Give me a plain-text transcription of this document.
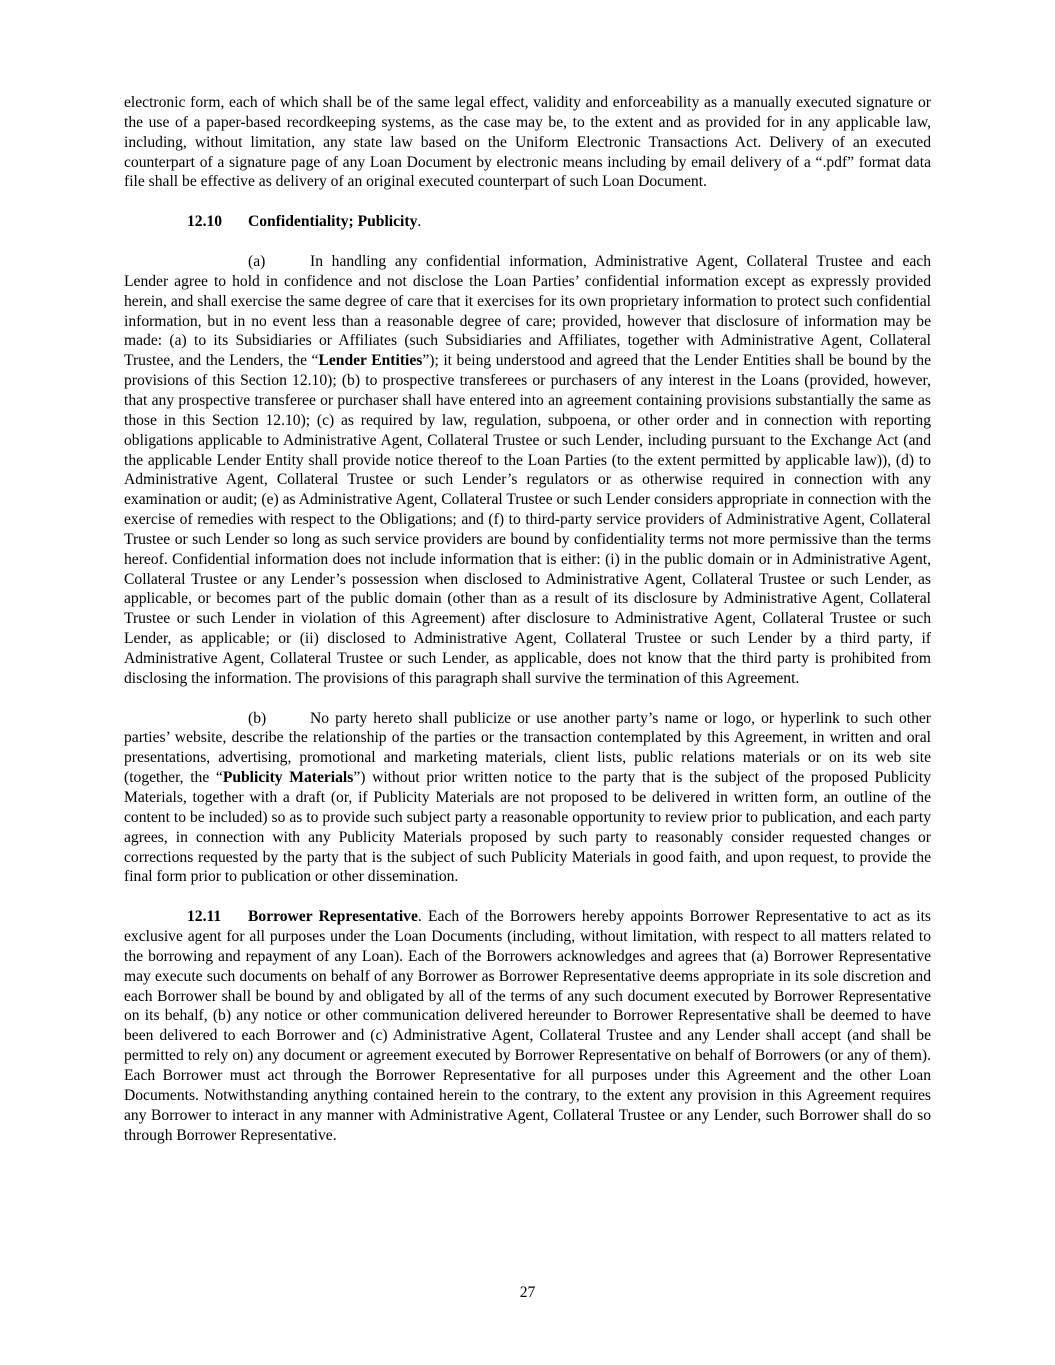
electronic form, each of which shall be of the same legal effect, validity and enforceability as a manually executed signature or the use of a paper-based recordkeeping systems, as the case may be, to the extent and as provided for in any applicable law, including, without limitation, any state law based on the Uniform Electronic Transactions Act. Delivery of an executed counterpart of a signature page of any Loan Document by electronic means including by email delivery of a “.pdf” format data file shall be effective as delivery of an original executed counterpart of such Loan Document.

12.10 Confidentiality; Publicity.

(a)	In handling any confidential information, Administrative Agent, Collateral Trustee and each Lender agree to hold in confidence and not disclose the Loan Parties’ confidential information except as expressly provided herein, and shall exercise the same degree of care that it exercises for its own proprietary information to protect such confidential information, but in no event less than a reasonable degree of care; provided, however that disclosure of information may be made: (a) to its Subsidiaries or Affiliates (such Subsidiaries and Affiliates, together with Administrative Agent, Collateral Trustee, and the Lenders, the “Lender Entities”); it being understood and agreed that the Lender Entities shall be bound by the provisions of this Section 12.10); (b) to prospective transferees or purchasers of any interest in the Loans (provided, however, that any prospective transferee or purchaser shall have entered into an agreement containing provisions substantially the same as those in this Section 12.10); (c) as required by law, regulation, subpoena, or other order and in connection with reporting obligations applicable to Administrative Agent, Collateral Trustee or such Lender, including pursuant to the Exchange Act (and the applicable Lender Entity shall provide notice thereof to the Loan Parties (to the extent permitted by applicable law)), (d) to Administrative Agent, Collateral Trustee or such Lender’s regulators or as otherwise required in connection with any examination or audit; (e) as Administrative Agent, Collateral Trustee or such Lender considers appropriate in connection with the exercise of remedies with respect to the Obligations; and (f) to third-party service providers of Administrative Agent, Collateral Trustee or such Lender so long as such service providers are bound by confidentiality terms not more permissive than the terms hereof. Confidential information does not include information that is either: (i) in the public domain or in Administrative Agent, Collateral Trustee or any Lender’s possession when disclosed to Administrative Agent, Collateral Trustee or such Lender, as applicable, or becomes part of the public domain (other than as a result of its disclosure by Administrative Agent, Collateral Trustee or such Lender in violation of this Agreement) after disclosure to Administrative Agent, Collateral Trustee or such Lender, as applicable; or (ii) disclosed to Administrative Agent, Collateral Trustee or such Lender by a third party, if Administrative Agent, Collateral Trustee or such Lender, as applicable, does not know that the third party is prohibited from disclosing the information. The provisions of this paragraph shall survive the termination of this Agreement.

(b)	No party hereto shall publicize or use another party’s name or logo, or hyperlink to such other parties’ website, describe the relationship of the parties or the transaction contemplated by this Agreement, in written and oral presentations, advertising, promotional and marketing materials, client lists, public relations materials or on its web site (together, the “Publicity Materials”) without prior written notice to the party that is the subject of the proposed Publicity Materials, together with a draft (or, if Publicity Materials are not proposed to be delivered in written form, an outline of the content to be included) so as to provide such subject party a reasonable opportunity to review prior to publication, and each party agrees, in connection with any Publicity Materials proposed by such party to reasonably consider requested changes or corrections requested by the party that is the subject of such Publicity Materials in good faith, and upon request, to provide the final form prior to publication or other dissemination.

12.11 Borrower Representative. Each of the Borrowers hereby appoints Borrower Representative to act as its exclusive agent for all purposes under the Loan Documents (including, without limitation, with respect to all matters related to the borrowing and repayment of any Loan). Each of the Borrowers acknowledges and agrees that (a) Borrower Representative may execute such documents on behalf of any Borrower as Borrower Representative deems appropriate in its sole discretion and each Borrower shall be bound by and obligated by all of the terms of any such document executed by Borrower Representative on its behalf, (b) any notice or other communication delivered hereunder to Borrower Representative shall be deemed to have been delivered to each Borrower and (c) Administrative Agent, Collateral Trustee and any Lender shall accept (and shall be permitted to rely on) any document or agreement executed by Borrower Representative on behalf of Borrowers (or any of them). Each Borrower must act through the Borrower Representative for all purposes under this Agreement and the other Loan Documents. Notwithstanding anything contained herein to the contrary, to the extent any provision in this Agreement requires any Borrower to interact in any manner with Administrative Agent, Collateral Trustee or any Lender, such Borrower shall do so through Borrower Representative.

27
